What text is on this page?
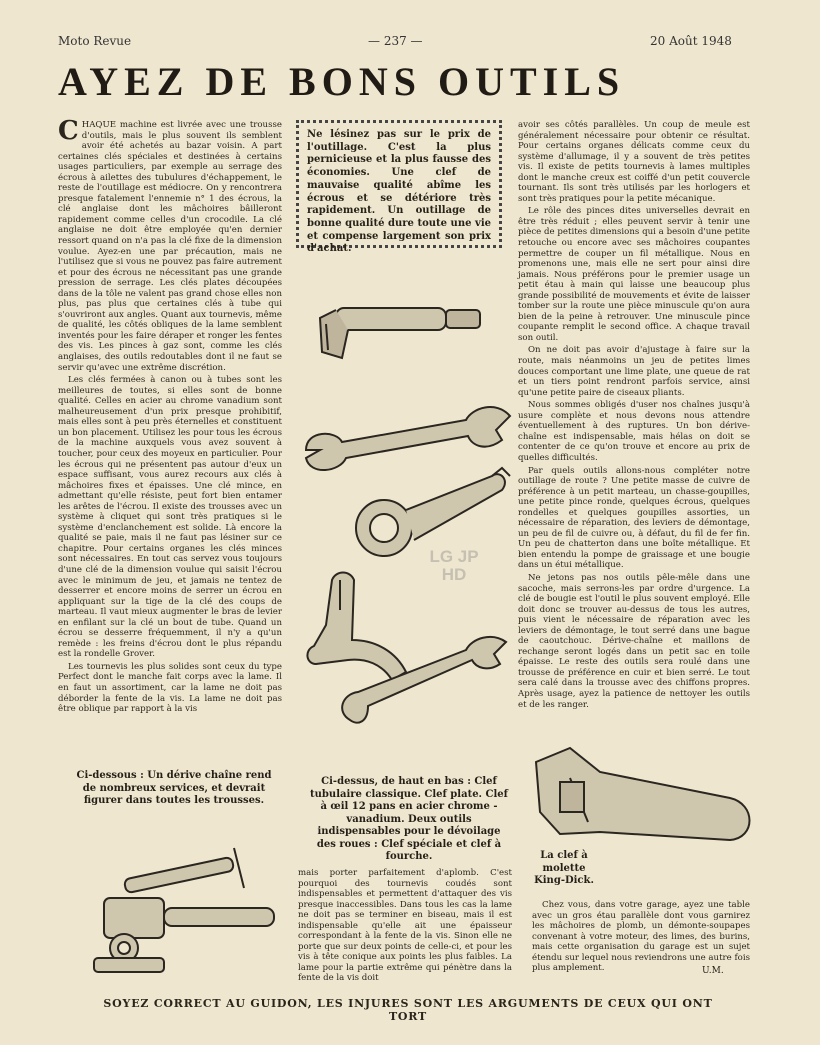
Moto Revue	— 237 —	20 Août 1948
AYEZ DE BONS OUTILS

CHAQUE machine est livrée avec une trousse d'outils, mais le plus souvent ils semblent avoir été achetés au bazar voisin. A part certaines clés spéciales et destinées à certains usages particuliers, par exemple au serrage des écrous à ailettes des tubulures d'échappement, le reste de l'outillage est médiocre. On y rencontrera presque fatalement l'ennemie n° 1 des écrous, la clé anglaise dont les mâchoires bâilleront rapidement comme celles d'un crocodile. La clé anglaise ne doit être employée qu'en dernier ressort quand on n'a pas la clé fixe de la dimension voulue. Ayez-en une par précaution, mais ne l'utilisez que si vous ne pouvez pas faire autrement et pour des écrous ne nécessitant pas une grande pression de serrage. Les clés plates découpées dans de la tôle ne valent pas grand chose elles non plus, pas plus que certaines clés à tube qui s'ouvriront aux angles. Quant aux tournevis, même de qualité, les côtés obliques de la lame semblent inventés pour les faire déraper et ronger les fentes des vis. Les pinces à gaz sont, comme les clés anglaises, des outils redoutables dont il ne faut se servir qu'avec une extrême discrétion.

Les clés fermées à canon ou à tubes sont les meilleures de toutes, si elles sont de bonne qualité. Celles en acier au chrome vanadium sont malheureusement d'un prix presque prohibitif, mais elles sont à peu près éternelles et constituent un bon placement. Utilisez les pour tous les écrous de la machine auxquels vous avez souvent à toucher, pour ceux des moyeux en particulier. Pour les écrous qui ne présentent pas autour d'eux un espace suffisant, vous aurez recours aux clés à mâchoires fixes et épaisses. Une clé mince, en admettant qu'elle résiste, peut fort bien entamer les arêtes de l'écrou. Il existe des trousses avec un système à cliquet qui sont très pratiques si le système d'enclanchement est solide. Là encore la qualité se paie, mais il ne faut pas lésiner sur ce chapitre. Pour certains organes les clés minces sont nécessaires. En tout cas servez vous toujours d'une clé de la dimension voulue qui saisit l'écrou avec le minimum de jeu, et jamais ne tentez de desserrer et encore moins de serrer un écrou en appliquant sur la tige de la clé des coups de marteau. Il vaut mieux augmenter le bras de levier en enfilant sur la clé un bout de tube. Quand un écrou se desserre fréquemment, il n'y a qu'un remède : les freins d'écrou dont le plus répandu est la rondelle Grover.

Les tournevis les plus solides sont ceux du type Perfect dont le manche fait corps avec la lame. Il en faut un assortiment, car la lame ne doit pas déborder la fente de la vis. La lame ne doit pas être oblique par rapport à la vis

Ne lésinez pas sur le prix de l'outillage. C'est la plus pernicieuse et la plus fausse des économies. Une clef de mauvaise qualité abîme les écrous et se détériore très rapidement. Un outillage de bonne qualité dure toute une vie et compense largement son prix d'achat.

avoir ses côtés parallèles. Un coup de meule est généralement nécessaire pour obtenir ce résultat. Pour certains organes délicats comme ceux du système d'allumage, il y a souvent de très petites vis. Il existe de petits tournevis à lames multiples dont le manche creux est coiffé d'un petit couvercle tournant. Ils sont très utilisés par les horlogers et sont très pratiques pour la petite mécanique.

Le rôle des pinces dites universelles devrait en être très réduit ; elles peuvent servir à tenir une pièce de petites dimensions qui a besoin d'une petite retouche ou encore avec ses mâchoires coupantes permettre de couper un fil métallique. Nous en promenons une, mais elle ne sert pour ainsi dire jamais. Nous préférons pour le premier usage un petit étau à main qui laisse une beaucoup plus grande possibilité de mouvements et évite de laisser tomber sur la route une pièce minuscule qu'on aura bien de la peine à retrouver. Une minuscule pince coupante remplit le second office. A chaque travail son outil.

On ne doit pas avoir d'ajustage à faire sur la route, mais néanmoins un jeu de petites limes douces comportant une lime plate, une queue de rat et un tiers point rendront parfois service, ainsi qu'une petite paire de ciseaux pliants.

Nous sommes obligés d'user nos chaînes jusqu'à usure complète et nous devons nous attendre éventuellement à des ruptures. Un bon dérive-chaîne est indispensable, mais hélas on doit se contenter de ce qu'on trouve et encore au prix de quelles difficultés.

Par quels outils allons-nous compléter notre outillage de route ? Une petite masse de cuivre de préférence à un petit marteau, un chasse-goupilles, une petite pince ronde, quelques écrous, quelques rondelles et quelques goupilles assorties, un nécessaire de réparation, des leviers de démontage, un peu de fil de cuivre ou, à défaut, du fil de fer fin. Un peu de chatterton dans une boîte métallique. Et bien entendu la pompe de graissage et une bougie dans un étui métallique.

Ne jetons pas nos outils pêle-mêle dans une sacoche, mais serrons-les par ordre d'urgence. La clé de bougie est l'outil le plus souvent employé. Elle doit donc se trouver au-dessus de tous les autres, puis vient le nécessaire de réparation avec les leviers de démontage, le tout serré dans une bague de caoutchouc. Dérive-chaîne et maillons de rechange seront logés dans un petit sac en toile épaisse. Le reste des outils sera roulé dans une trousse de préférence en cuir et bien serré. Le tout sera calé dans la trousse avec des chiffons propres. Après usage, ayez la patience de nettoyer les outils et de les ranger.

LG JP HD
Ci-dessous : Un dérive chaîne rend de nombreux services, et devrait figurer dans toutes les trousses.
Ci-dessus, de haut en bas : Clef tubulaire classique. Clef plate. Clef à œil 12 pans en acier chrome - vanadium. Deux outils indispensables pour le dévoilage des roues : Clef spéciale et clef à fourche.	La clef à molette King-Dick.

mais porter parfaitement d'aplomb. C'est pourquoi des tournevis coudés sont indispensables et permettent d'attaquer des vis presque inaccessibles. Dans tous les cas la lame ne doit pas se terminer en biseau, mais il est indispensable qu'elle ait une épaisseur correspondant à la fente de la vis. Sinon elle ne porte que sur deux points de celle-ci, et pour les vis à tête conique aux points les plus faibles. La lame pour la partie extrême qui pénètre dans la fente de la vis doit

Chez vous, dans votre garage, ayez une table avec un gros étau parallèle dont vous garnirez les mâchoires de plomb, un démonte-soupapes convenant à votre moteur, des limes, des burins, mais cette organisation du garage est un sujet étendu sur lequel nous reviendrons une autre fois plus amplement.	U.M.
SOYEZ CORRECT AU GUIDON, LES INJURES SONT LES ARGUMENTS DE CEUX QUI ONT TORT
